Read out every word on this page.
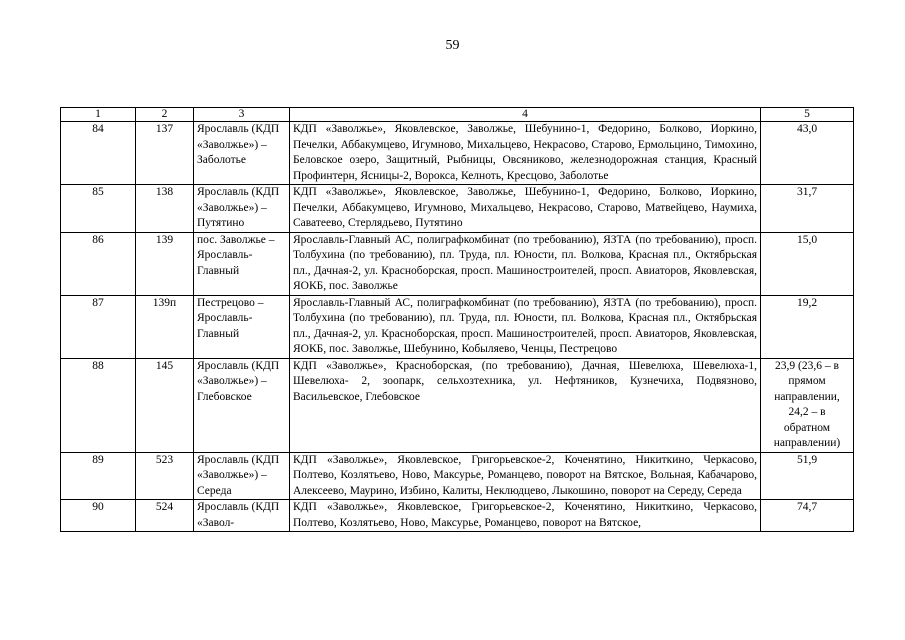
59
1	2	3	4	5
84	137	Ярославль (КДП «Заволжье») – Заболотье	КДП «Заволжье», Яковлевское, Заволжье, Шебунино-1, Федорино, Болково, Иоркино, Печелки, Аббакумцево, Игумново, Михальцево, Некрасово, Старово, Ермольцино, Тимохино, Беловское озеро, Защитный, Рыбницы, Овсяниково, железнодорожная станция, Красный Профинтерн, Ясницы-2, Ворокса, Келноть, Кресцово, Заболотье	43,0
85	138	Ярославль (КДП «Заволжье») – Путятино	КДП «Заволжье», Яковлевское, Заволжье, Шебунино-1, Федорино, Болково, Иоркино, Печелки, Аббакумцево, Игумново, Михальцево, Некрасово, Старово, Матвейцево, Наумиха, Саватеево, Стерлядьево, Путятино	31,7
86	139	пос. Заволжье – Ярославль-Главный	Ярославль-Главный АС, полиграфкомбинат (по требованию), ЯЗТА (по требованию), просп. Толбухина (по требованию), пл. Труда, пл. Юности, пл. Волкова, Красная пл., Октябрьская пл., Дачная-2, ул. Красноборская, просп. Машиностроителей, просп. Авиаторов, Яковлевская, ЯОКБ, пос. Заволжье	15,0
87	139п	Пестрецово – Ярославль-Главный	Ярославль-Главный АС, полиграфкомбинат (по требованию), ЯЗТА (по требованию), просп. Толбухина (по требованию), пл. Труда, пл. Юности, пл. Волкова, Красная пл., Октябрьская пл., Дачная-2, ул. Красноборская, просп. Машиностроителей, просп. Авиаторов, Яковлевская, ЯОКБ, пос. Заволжье, Шебунино, Кобыляево, Ченцы, Пестрецово	19,2
88	145	Ярославль (КДП «Заволжье») – Глебовское	КДП «Заволжье», Красноборская, (по требованию), Дачная, Шевелюха, Шевелюха-1, Шевелюха- 2, зоопарк, сельхозтехника, ул. Нефтяников, Кузнечиха, Подвязново, Васильевское, Глебовское	23,9 (23,6 – в прямом направлении, 24,2 – в обратном направлении)
89	523	Ярославль (КДП «Заволжье») – Середа	КДП «Заволжье», Яковлевское, Григорьевское-2, Коченятино, Никиткино, Черкасово, Полтево, Козлятьево, Ново, Максурье, Романцево, поворот на Вятское, Вольная, Кабачарово, Алексеево, Маурино, Избино, Калиты, Неклюдцево, Лыкошино, поворот на Середу, Середа	51,9
90	524	Ярославль (КДП «Завол-	КДП «Заволжье», Яковлевское, Григорьевское-2, Коченятино, Никиткино, Черкасово, Полтево, Козлятьево, Ново, Максурье, Романцево, поворот на Вятское,	74,7
